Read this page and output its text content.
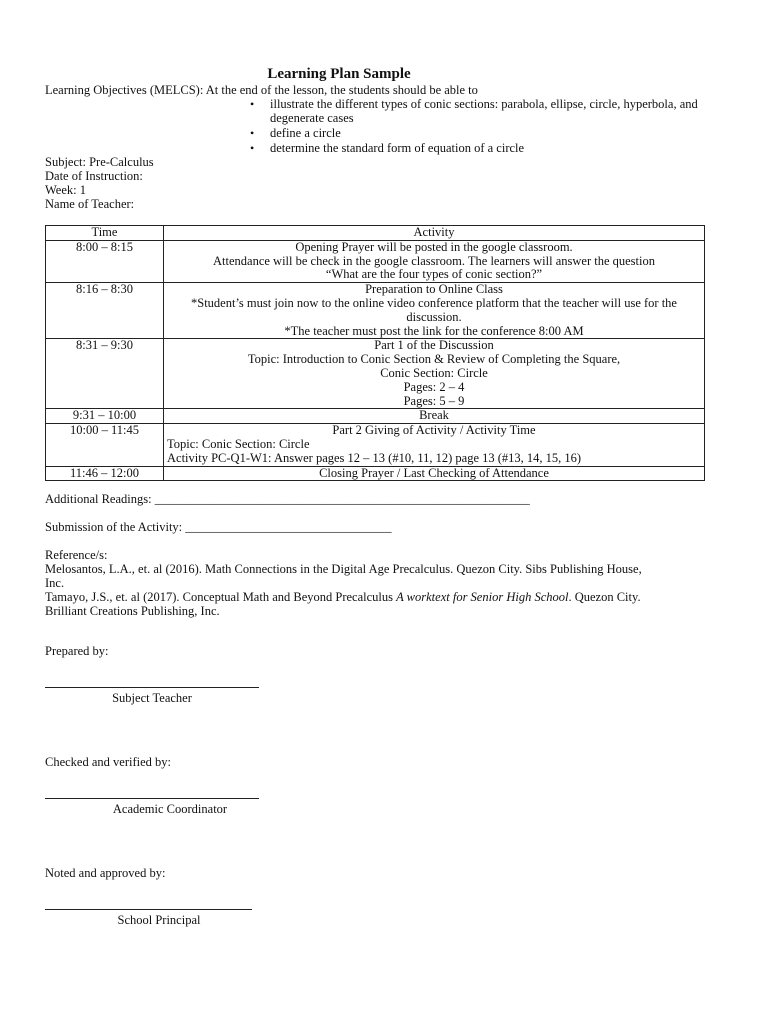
Learning Plan Sample
Learning Objectives (MELCS): At the end of the lesson, the students should be able to
• illustrate the different types of conic sections: parabola, ellipse, circle, hyperbola, and degenerate cases
• define a circle
• determine the standard form of equation of a circle
Subject: Pre-Calculus
Date of Instruction:
Week: 1
Name of Teacher:
Time	Activity
8:00 – 8:15	Opening Prayer will be posted in the google classroom.
Attendance will be check in the google classroom. The learners will answer the question
“What are the four types of conic section?”

8:16 – 8:30	Preparation to Online Class
*Student’s must join now to the online video conference platform that the teacher will use for the discussion.
*The teacher must post the link for the conference 8:00 AM

8:31 – 9:30	Part 1 of the Discussion
Topic: Introduction to Conic Section & Review of Completing the Square,
Conic Section: Circle
Pages: 2 – 4
Pages: 5 – 9

9:31 – 10:00	Break

10:00 – 11:45	Part 2 Giving of Activity / Activity Time
Topic: Conic Section: Circle
Activity PC-Q1-W1: Answer pages 12 – 13 (#10, 11, 12) page 13 (#13, 14, 15, 16)

11:46 – 12:00	Closing Prayer / Last Checking of Attendance
Additional Readings: ____________________________________________________________
Submission of the Activity: _________________________________
Reference/s:
Melosantos, L.A., et. al (2016). Math Connections in the Digital Age Precalculus. Quezon City. Sibs Publishing House,
Inc.
Tamayo, J.S., et. al (2017). Conceptual Math and Beyond Precalculus A worktext for Senior High School. Quezon City.
Brilliant Creations Publishing, Inc.
Prepared by:
Subject Teacher
Checked and verified by:
Academic Coordinator
Noted and approved by:
School Principal
